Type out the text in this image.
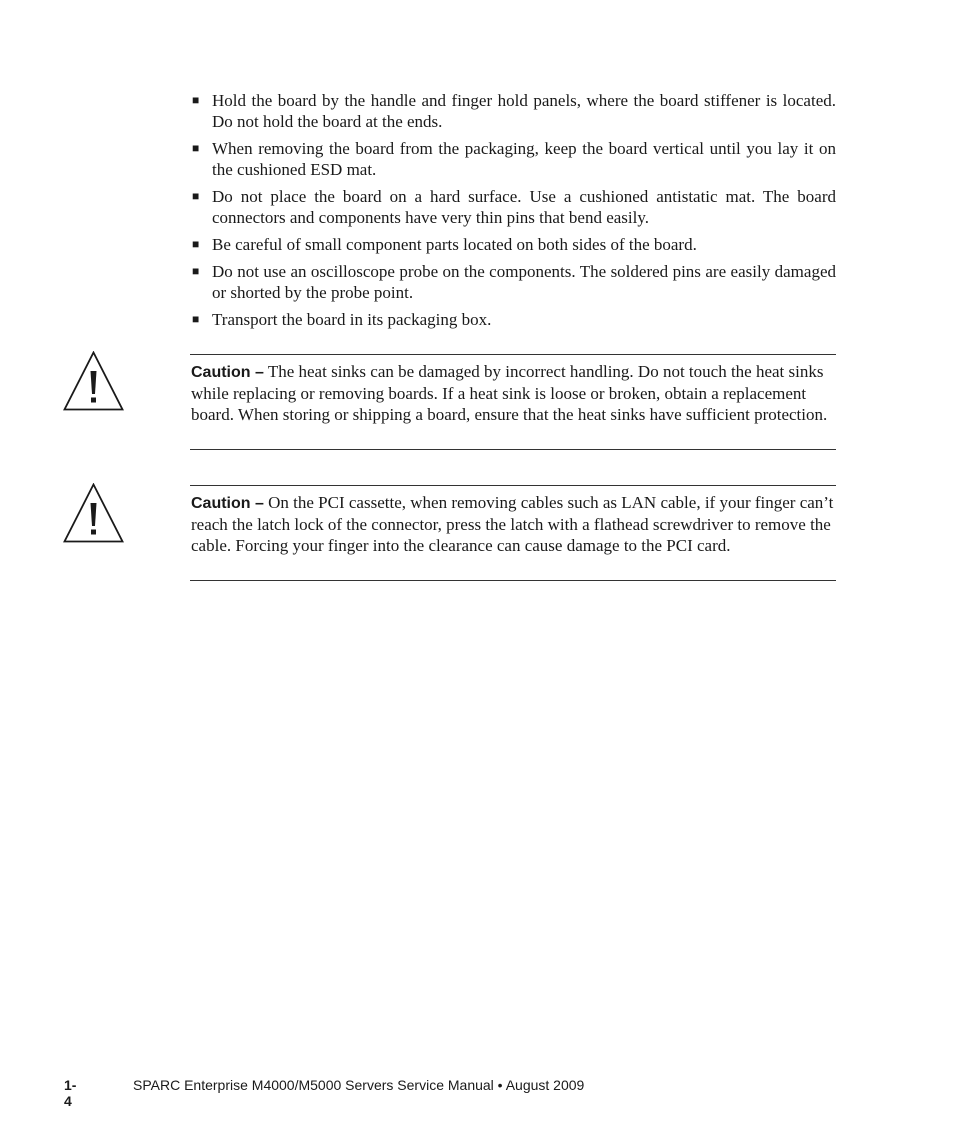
■ Hold the board by the handle and finger hold panels, where the board stiffener is located. Do not hold the board at the ends.
■ When removing the board from the packaging, keep the board vertical until you lay it on the cushioned ESD mat.
■ Do not place the board on a hard surface. Use a cushioned antistatic mat. The board connectors and components have very thin pins that bend easily.
■ Be careful of small component parts located on both sides of the board.
■ Do not use an oscilloscope probe on the components. The soldered pins are easily damaged or shorted by the probe point.
■ Transport the board in its packaging box.
Caution – The heat sinks can be damaged by incorrect handling. Do not touch the heat sinks while replacing or removing boards. If a heat sink is loose or broken, obtain a replacement board. When storing or shipping a board, ensure that the heat sinks have sufficient protection.
Caution – On the PCI cassette, when removing cables such as LAN cable, if your finger can’t reach the latch lock of the connector, press the latch with a flathead screwdriver to remove the cable. Forcing your finger into the clearance can cause damage to the PCI card.
1-4
SPARC Enterprise M4000/M5000 Servers Service Manual • August 2009
